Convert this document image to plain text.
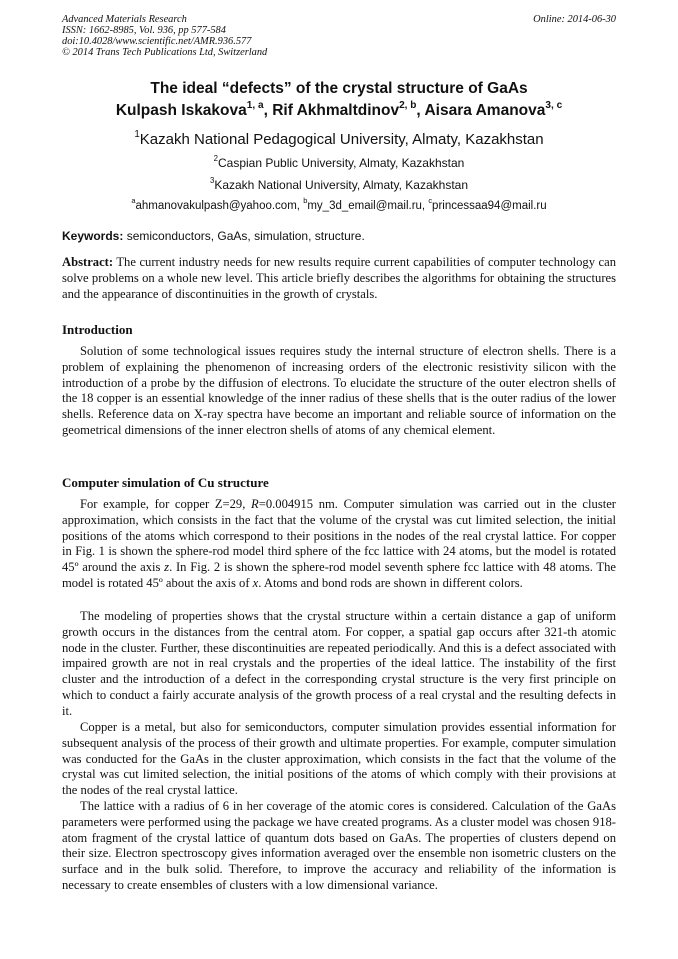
Advanced Materials Research
ISSN: 1662-8985, Vol. 936, pp 577-584
doi:10.4028/www.scientific.net/AMR.936.577
© 2014 Trans Tech Publications Ltd, Switzerland
Online: 2014-06-30
The ideal “defects” of the crystal structure of GaAs
Kulpash Iskakova$^{1, a}$, Rif Akhmaltdinov$^{2, b}$, Aisara Amanova$^{3, c}$
$^1$Kazakh National Pedagogical University, Almaty, Kazakhstan
$^2$Caspian Public University, Almaty, Kazakhstan
$^3$Kazakh National University, Almaty, Kazakhstan
$^a$ahmanovakulpash@yahoo.com, $^b$my_3d_email@mail.ru, $^c$princessaa94@mail.ru
Keywords: semiconductors, GaAs, simulation, structure.
Abstract: The current industry needs for new results require current capabilities of computer technology can solve problems on a whole new level. This article briefly describes the algorithms for obtaining the structures and the appearance of discontinuities in the growth of crystals.
Introduction
Solution of some technological issues requires study the internal structure of electron shells. There is a problem of explaining the phenomenon of increasing orders of the electronic resistivity silicon with the introduction of a probe by the diffusion of electrons. To elucidate the structure of the outer electron shells of the 18 copper is an essential knowledge of the inner radius of these shells that is the outer radius of the lower shells. Reference data on X-ray spectra have become an important and reliable source of information on the geometrical dimensions of the inner electron shells of atoms of any chemical element.
Computer simulation of Cu structure
For example, for copper Z=29, R=0.004915 nm. Computer simulation was carried out in the cluster approximation, which consists in the fact that the volume of the crystal was cut limited selection, the initial positions of the atoms which correspond to their positions in the nodes of the real crystal lattice. For copper in Fig. 1 is shown the sphere-rod model third sphere of the fcc lattice with 24 atoms, but the model is rotated 45º around the axis z. In Fig. 2 is shown the sphere-rod model seventh sphere fcc lattice with 48 atoms. The model is rotated 45º about the axis of x. Atoms and bond rods are shown in different colors.
The modeling of properties shows that the crystal structure within a certain distance a gap of uniform growth occurs in the distances from the central atom. For copper, a spatial gap occurs after 321-th atomic node in the cluster. Further, these discontinuities are repeated periodically. And this is a defect associated with impaired growth are not in real crystals and the properties of the ideal lattice. The instability of the first cluster and the introduction of a defect in the corresponding crystal structure is the very first principle on which to conduct a fairly accurate analysis of the growth process of a real crystal and the resulting defects in it.
Copper is a metal, but also for semiconductors, computer simulation provides essential information for subsequent analysis of the process of their growth and ultimate properties. For example, computer simulation was conducted for the GaAs in the cluster approximation, which consists in the fact that the volume of the crystal was cut limited selection, the initial positions of the atoms of which comply with their provisions at the nodes of the real crystal lattice.
The lattice with a radius of 6 in her coverage of the atomic cores is considered. Calculation of the GaAs parameters were performed using the package we have created programs. As a cluster model was chosen 918-atom fragment of the crystal lattice of quantum dots based on GaAs. The properties of clusters depend on their size. Electron spectroscopy gives information averaged over the ensemble non isometric clusters on the surface and in the bulk solid. Therefore, to improve the accuracy and reliability of the information is necessary to create ensembles of clusters with a low dimensional variance.
